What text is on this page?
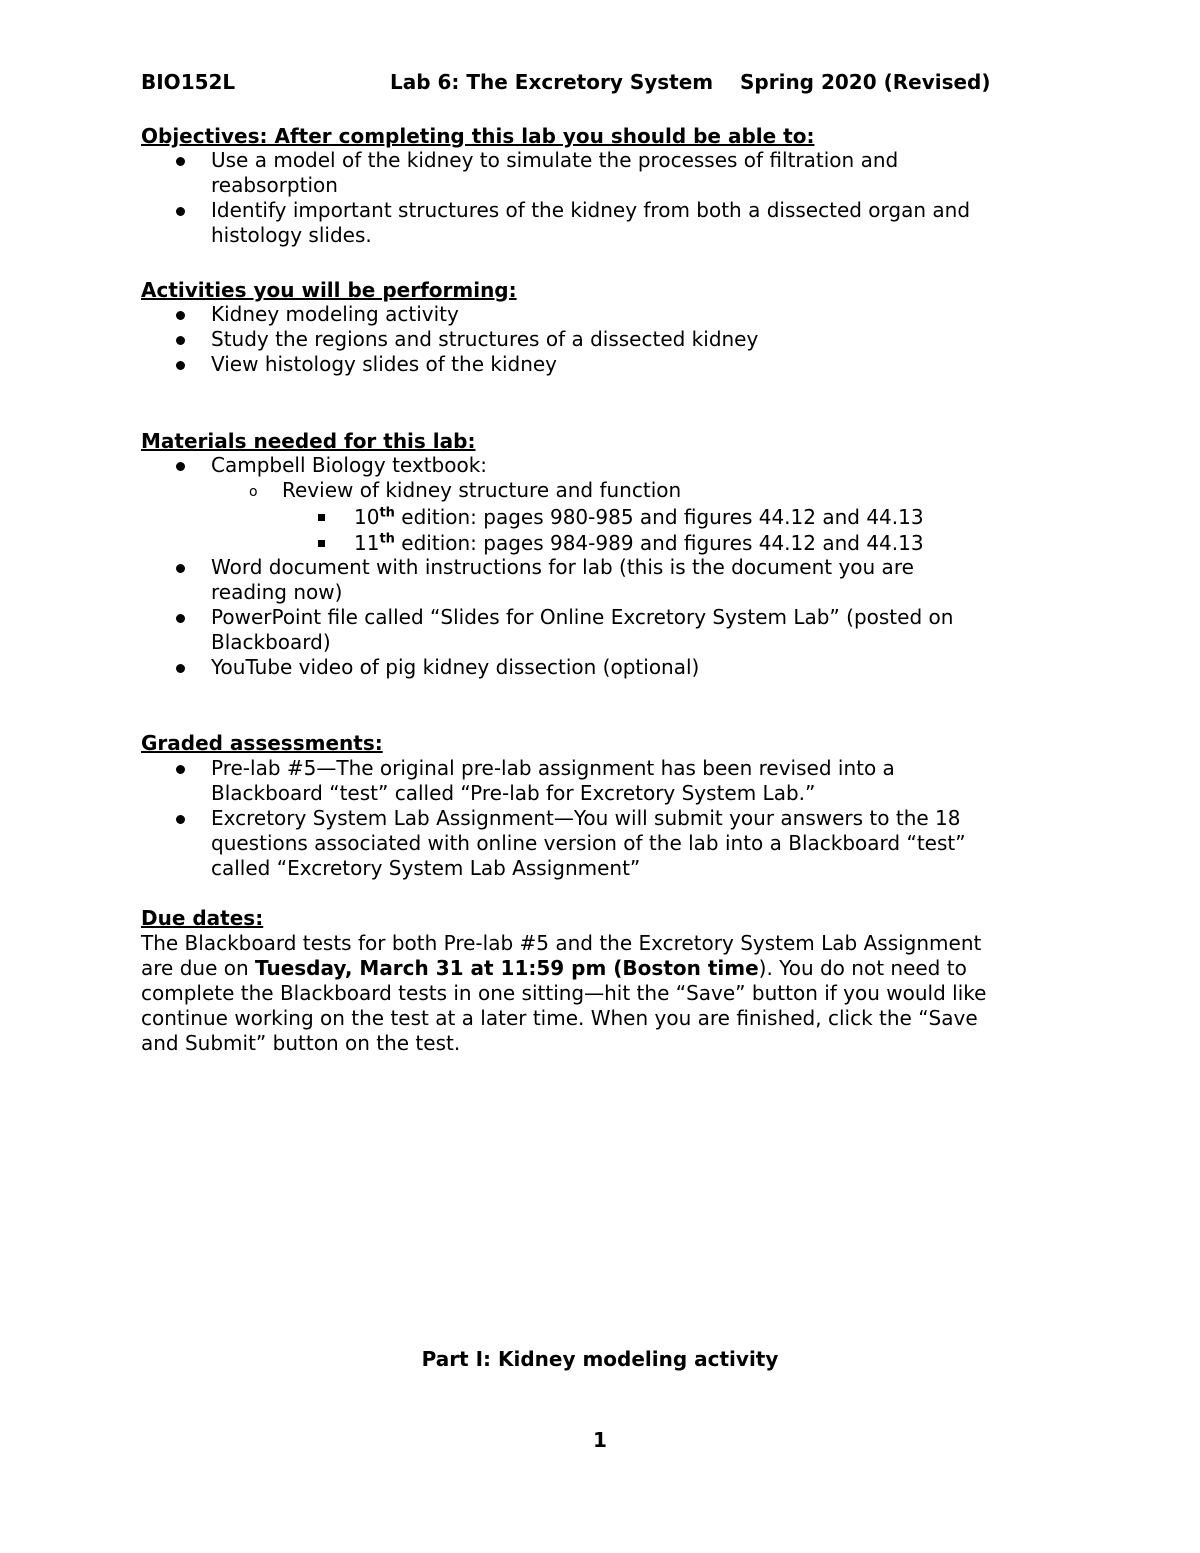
BIO152L	Lab 6: The Excretory System Spring 2020 (Revised)
Objectives: After completing this lab you should be able to:
Use a model of the kidney to simulate the processes of filtration and
reabsorption
Identify important structures of the kidney from both a dissected organ and
histology slides.
Activities you will be performing:
Kidney modeling activity
Study the regions and structures of a dissected kidney
View histology slides of the kidney
Materials needed for this lab:
Campbell Biology textbook:
o Review of kidney structure and function
10th edition: pages 980-985 and figures 44.12 and 44.13
11th edition: pages 984-989 and figures 44.12 and 44.13
Word document with instructions for lab (this is the document you are
reading now)
PowerPoint file called “Slides for Online Excretory System Lab” (posted on
Blackboard)
YouTube video of pig kidney dissection (optional)
Graded assessments:
Pre-lab #5—The original pre-lab assignment has been revised into a
Blackboard “test” called “Pre-lab for Excretory System Lab.”
Excretory System Lab Assignment—You will submit your answers to the 18
questions associated with online version of the lab into a Blackboard “test”
called “Excretory System Lab Assignment”
Due dates:
The Blackboard tests for both Pre-lab #5 and the Excretory System Lab Assignment
are due on Tuesday, March 31 at 11:59 pm (Boston time). You do not need to
complete the Blackboard tests in one sitting—hit the “Save” button if you would like
continue working on the test at a later time. When you are finished, click the “Save
and Submit” button on the test.
Part I: Kidney modeling activity
1
